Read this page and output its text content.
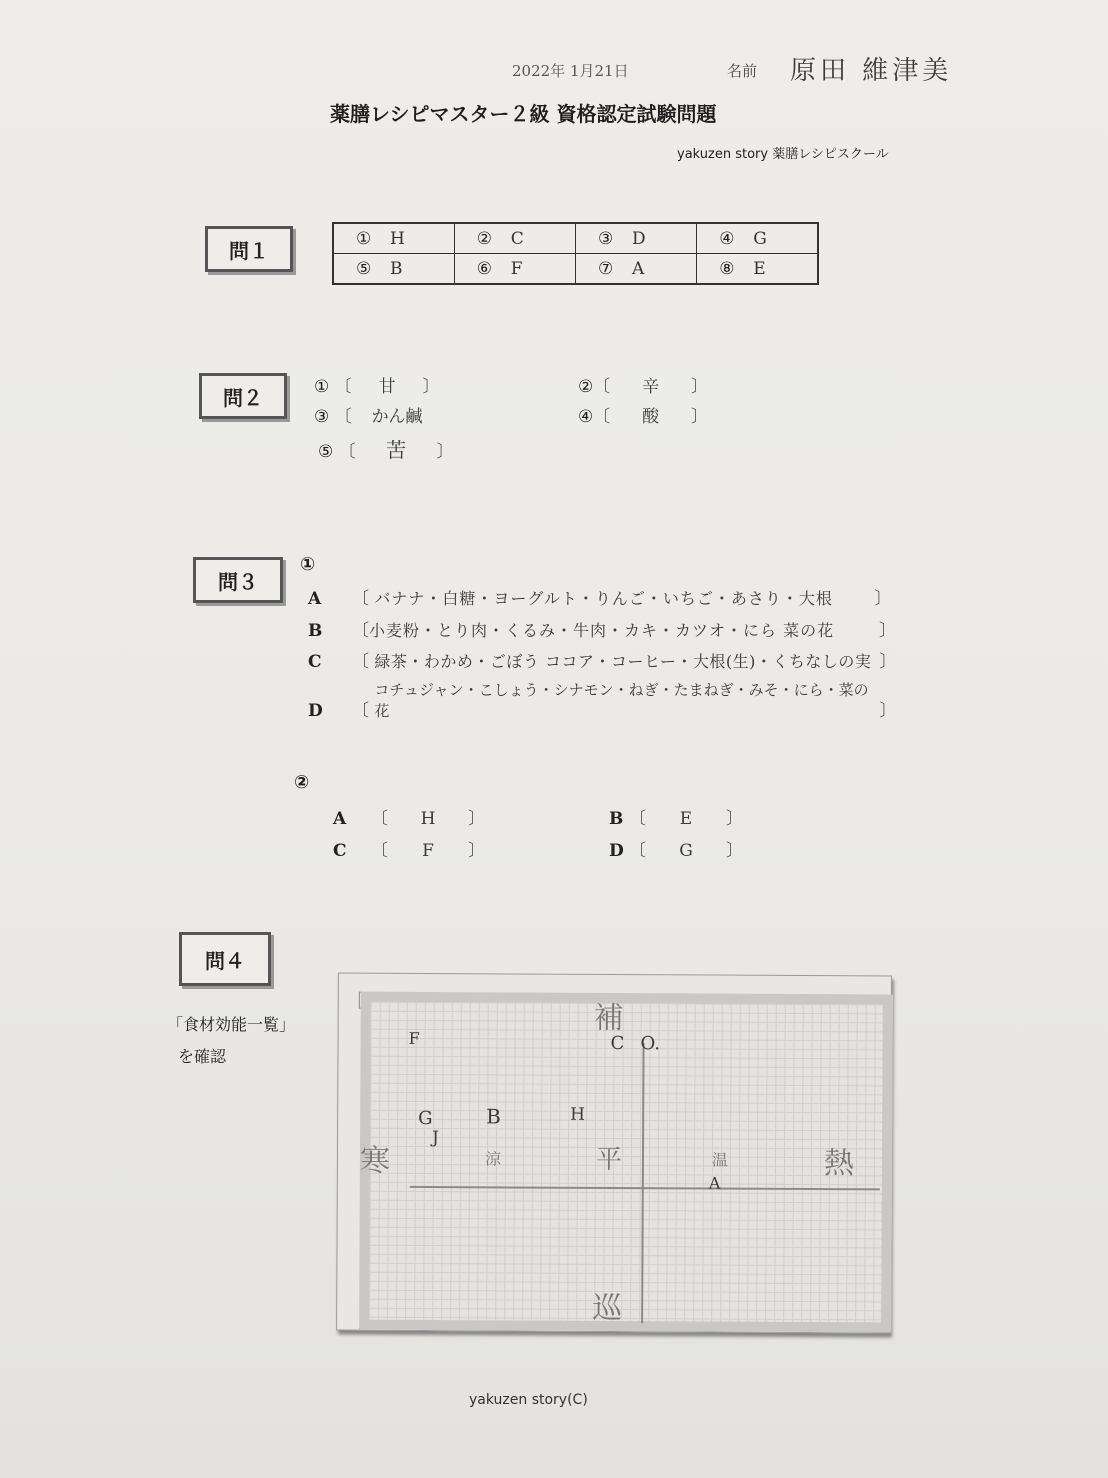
2022年 1月21日	名前 原田 維津美
薬膳レシピマスター２級 資格認定試験問題
yakuzen story 薬膳レシピスクール
問１	① H	② C	③ D	④ G
⑤ B	⑥ F	⑦ A	⑧ E
問２	① 〔 甘 〕	②〔 辛 〕
③ 〔 かん鹹	④〔 酸 〕
⑤ 〔 苦 〕
問３
①
A 〔 バナナ・白糖・ヨーグルト・りんご・いちご・あさり・大根 〕
B 〔小麦粉・とり肉・くるみ・牛肉・カキ・カツオ・にら 菜の花	〕
C 〔 緑茶・わかめ・ごぼう ココア・コーヒー・大根(生)・くちなしの実 〕
D 〔 コチュジャン・こしょう・シナモン・ねぎ・たまねぎ・みそ・にら・菜の花	〕
②
A 〔 H 〕	B 〔 E 〕
C 〔 F 〕	D 〔 G 〕
問４
「食材効能一覧」
を確認
補
巡
寒	熱
平
涼	温
F	C O.
G
J
B	H
A
yakuzen story(C)
